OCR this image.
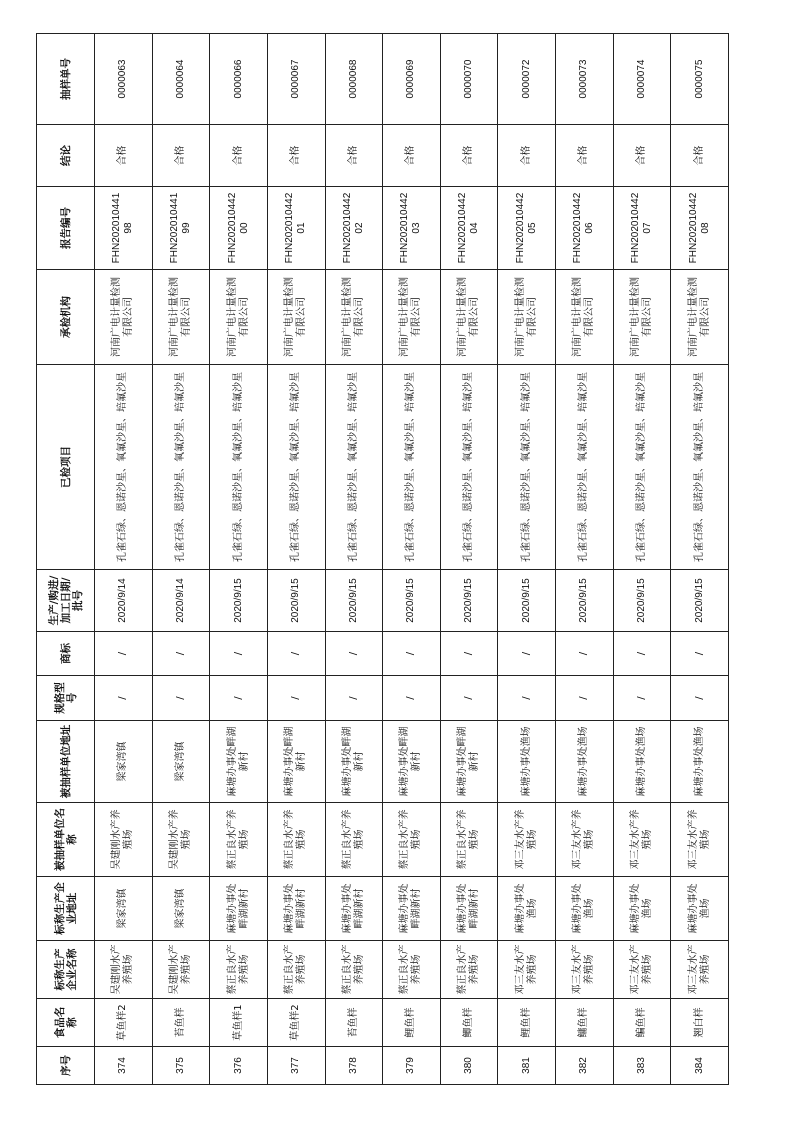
序号	食品名称	标称生产企业名称	标称生产企业地址	被抽样单位名称	被抽样单位地址	规格型号	商标	生产/购进/加工日期/批号	已检项目	承检机构	报告编号	结论	抽样单号
374	草鱼样2	吴建刚水产养殖场	梁家湾镇	吴建刚水产养殖场	梁家湾镇	/	/	2020/9/14	孔雀石绿、恩诺沙星、氧氟沙星、培氟沙星	河南广电计量检测有限公司	FHN20201044198	合格	0000063
375	苔鱼样	吴建刚水产养殖场	梁家湾镇	吴建刚水产养殖场	梁家湾镇	/	/	2020/9/14	孔雀石绿、恩诺沙星、氧氟沙星、培氟沙星	河南广电计量检测有限公司	FHN20201044199	合格	0000064
376	草鱼样1	蔡正良水产养殖场	麻塘办事处畔湖新村	蔡正良水产养殖场	麻塘办事处畔湖新村	/	/	2020/9/15	孔雀石绿、恩诺沙星、氧氟沙星、培氟沙星	河南广电计量检测有限公司	FHN20201044200	合格	0000066
377	草鱼样2	蔡正良水产养殖场	麻塘办事处畔湖新村	蔡正良水产养殖场	麻塘办事处畔湖新村	/	/	2020/9/15	孔雀石绿、恩诺沙星、氧氟沙星、培氟沙星	河南广电计量检测有限公司	FHN20201044201	合格	0000067
378	苔鱼样	蔡正良水产养殖场	麻塘办事处畔湖新村	蔡正良水产养殖场	麻塘办事处畔湖新村	/	/	2020/9/15	孔雀石绿、恩诺沙星、氧氟沙星、培氟沙星	河南广电计量检测有限公司	FHN20201044202	合格	0000068
379	鲤鱼样	蔡正良水产养殖场	麻塘办事处畔湖新村	蔡正良水产养殖场	麻塘办事处畔湖新村	/	/	2020/9/15	孔雀石绿、恩诺沙星、氧氟沙星、培氟沙星	河南广电计量检测有限公司	FHN20201044203	合格	0000069
380	鲫鱼样	蔡正良水产养殖场	麻塘办事处畔湖新村	蔡正良水产养殖场	麻塘办事处畔湖新村	/	/	2020/9/15	孔雀石绿、恩诺沙星、氧氟沙星、培氟沙星	河南广电计量检测有限公司	FHN20201044204	合格	0000070
381	鲤鱼样	邓三友水产养殖场	麻塘办事处渔场	邓三友水产养殖场	麻塘办事处渔场	/	/	2020/9/15	孔雀石绿、恩诺沙星、氧氟沙星、培氟沙星	河南广电计量检测有限公司	FHN20201044205	合格	0000072
382	鳙鱼样	邓三友水产养殖场	麻塘办事处渔场	邓三友水产养殖场	麻塘办事处渔场	/	/	2020/9/15	孔雀石绿、恩诺沙星、氧氟沙星、培氟沙星	河南广电计量检测有限公司	FHN20201044206	合格	0000073
383	鳊鱼样	邓三友水产养殖场	麻塘办事处渔场	邓三友水产养殖场	麻塘办事处渔场	/	/	2020/9/15	孔雀石绿、恩诺沙星、氧氟沙星、培氟沙星	河南广电计量检测有限公司	FHN20201044207	合格	0000074
384	翘白样	邓三友水产养殖场	麻塘办事处渔场	邓三友水产养殖场	麻塘办事处渔场	/	/	2020/9/15	孔雀石绿、恩诺沙星、氧氟沙星、培氟沙星	河南广电计量检测有限公司	FHN20201044208	合格	0000075
